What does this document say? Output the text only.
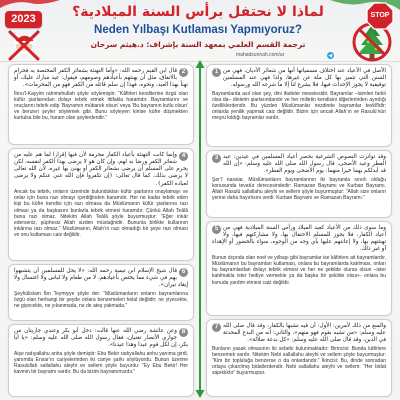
2023	لماذا لا نحتفل برأس السنة الميلادية؟
Neden Yılbaşı Kutlaması Yapmıyoruz?
ترجمة القسم العلمي بمعهد السنة بإشراف: د.هيثم سرحان
mahadsunnah.com/ar
STOP
1 الأصل في الأعياد عند اختلاف مسمياتها أنها من شعائر الأديان، فهي من السنن التي تتميز بها كل ملة عن غيرها، ولذا فهي عند المسلمين توقيفية لا يجوز الإحداث فيها، فلا يشرع لنا إلا ما شرعه الله ورسوله.

Bayramlarda asıl olan şey, dini ifadeler meselesidir. Bayramlar –isimleri farklı olsa da– dinlerin şiarlarındandır ve her milletin kendisini diğerlerinden ayırdığı özelliklerdendir. Bu yüzden Müslümanlar nezdinde bayramlar tevkîfîdir; onlarda yenilik yapmak caiz değildir. Bizim için ancak Allah’ın ve Rasulü’nün meşru kıldığı bayramlar vardır.

3 وقد تواترت النصوص الشرعية بحصر أعياد المسلمين في عيدين: عيد الفطر وعيد الأضحى، قال رسول الله صلى الله عليه وسلم: «إن الله قد أبدلكم بهما خيرا منهما: يوم الأضحى ويوم الفطر».

Şer’î nasslar, Müslümanların bayramlarının iki bayramla sınırlı olduğu konusunda tevatür derecesindedir: Ramazan Bayramı ve Kurban Bayramı. Allah Rasulü sallallahu aleyhi ve sellem şöyle buyurmuştur: “Allah size onların yerine daha hayırlısını verdi: Kurban Bayramı ve Ramazan Bayramı.”

5 وما سوى ذلك من الأعياد كعيد الميلاد ورأس السنة الميلادية فهي من أعياد الكفار، فلا يجوز للمسلم الاحتفال بها، ولا مشاركتهم فيها، ولا تهنئتهم بها، ولا إعانتهم عليها بأي وجه من الوجوه، سواء بالحضور أو الإهداء أو غير ذلك.

Bunun dışında olan noel ve yılbaşı gibi bayramlar ise kâfirlere ait bayramlardır. Müslümanın bu bayramları kutlaması, onlara bu bayramlarda katılması, onları bu bayramlardan dolayı tebrik etmesi ve her ne şekilde olursa olsun –ister katılmakla ister hediye vermekle ya da başka bir şekilde olsun– onlara bu konuda yardım etmesi caiz değildir.

7 والمنع من ذلك لأمرين: الأول: أن فيه تشبها بالكفار، وقد قال صلى الله عليه وسلم: «من تشبه بقوم فهو منهم»، والثاني: أنه من البدع المحدثة في الدين، وقد قال صلى الله عليه وسلم: «كل بدعة ضلالة».

Bunların yasak olmasının iki sebebi bulunmaktadır: Birincisi: Bunda kâfirlere benzemek vardır. Nitekim Nebi sallallahu aleyhi ve sellem şöyle buyurmuştur: “Kim bir topluluğa benzerse o da onlardandır.” İkincisi: Bu, dinde sonradan ortaya çıkarılmış bidatlerdendir. Nebi sallallahu aleyhi ve sellem: “Her bidat sapıklıktır” buyurmuştur.

2

قال ابن القيم رحمه الله: «وأما التهنئة بشعائر الكفر المختصة به فحرام بالاتفاق، مثل أن يهنئهم بأعيادهم وصومهم، فيقول: عيد مبارك عليك، أو تهنأ بهذا العيد، ونحوه، فهذا إن سلم قائله من الكفر فهو من المحرمات».

İbnu’l-Kayyim rahimehullah şöyle söylemiştir: “Kâfirleri kendilerine özgü olan küfür şiarlarından dolayı tebrik etmek ittifakla haramdır. Bayramlarını ve oruçlarını tebrik edip ‘Bayramın mübarek olsun’ veya ‘Bu bayramın kutlu olsun’ ve benzeri şeyler söylemek gibi. Bunu söyleyen kimse küfre düşmekten kurtulsa bile bu, haram olan şeylerdendir.”

4

وإنما كانت التهنئة بأعياد الكفار محرمة لأن فيها إقرارا لما هم عليه من شعائر الكفر ورضا به لهم، وإن كان هو لا يرضى بهذا الكفر لنفسه، لكن يحرم على المسلم أن يرضى بشعائر الكفر أو يهنئ بها غيره، لأن الله تعالى لا يرضى بذلك، كما قال تعالى: ﴿إن تكفروا فإن الله غني عنكم ولا يرضى لعباده الكفر﴾.

Ancak bu tebrik, onların üzerinde bulundukları küfür şiarlarını onaylamayı ve onlar için buna razı olmayı içerdiğinden haramdır. Her ne kadar tebrik eden kişi bu küfre kendisi için razı olmasa da Müslümanın küfür şiarlarına razı olması ya da başkasını bunlarla tebrik etmesi haramdır. Çünkü Allah Teâlâ buna razı olmaz. Nitekim Allah Teâlâ şöyle buyurmuştur: “Eğer inkâr ederseniz, şüphesiz Allah sizden müstağnidir. Bununla birlikte kullarının inkârına razı olmaz.” Müslümanın, Allah’ın razı olmadığı bir şeye razı olması ve onu kutlaması caiz değildir.

6

قال شيخ الإسلام ابن تيمية رحمه الله: «لا يحل للمسلمين أن يتشبهوا بهم في شيء مما يختص بأعيادهم، لا من طعام ولا لباس ولا اغتسال ولا إيقاد نيران».

Şeyhülislam İbn Teymiyye şöyle der: “Müslümanların onların bayramlarına özgü olan herhangi bir şeyde onlara benzemeleri helal değildir; ne yiyecekte, ne giyecekte, ne yıkanmada, ne de ateş yakmada.”

8

وعن عائشة رضي الله عنها قالت: دخل أبو بكر وعندي جاريتان من جواري الأنصار تغنيان، فقال رسول الله صلى الله عليه وسلم: «يا أبا بكر، إن لكل قوم عيدا وهذا عيدنا».

Aişe radıyallahu anha şöyle demiştir: Ebu Bekir radıyallahu anhu yanıma girdi, yanımda Ensar’ın cariyelerinden iki cariye şarkı söylüyordu. Bunun üzerine Rasulullah sallallahu aleyhi ve sellem şöyle buyurdu: “Ey Ebu Bekir! Her kavmin bir bayramı vardır. Bu da bizim bayramımızdır.”
